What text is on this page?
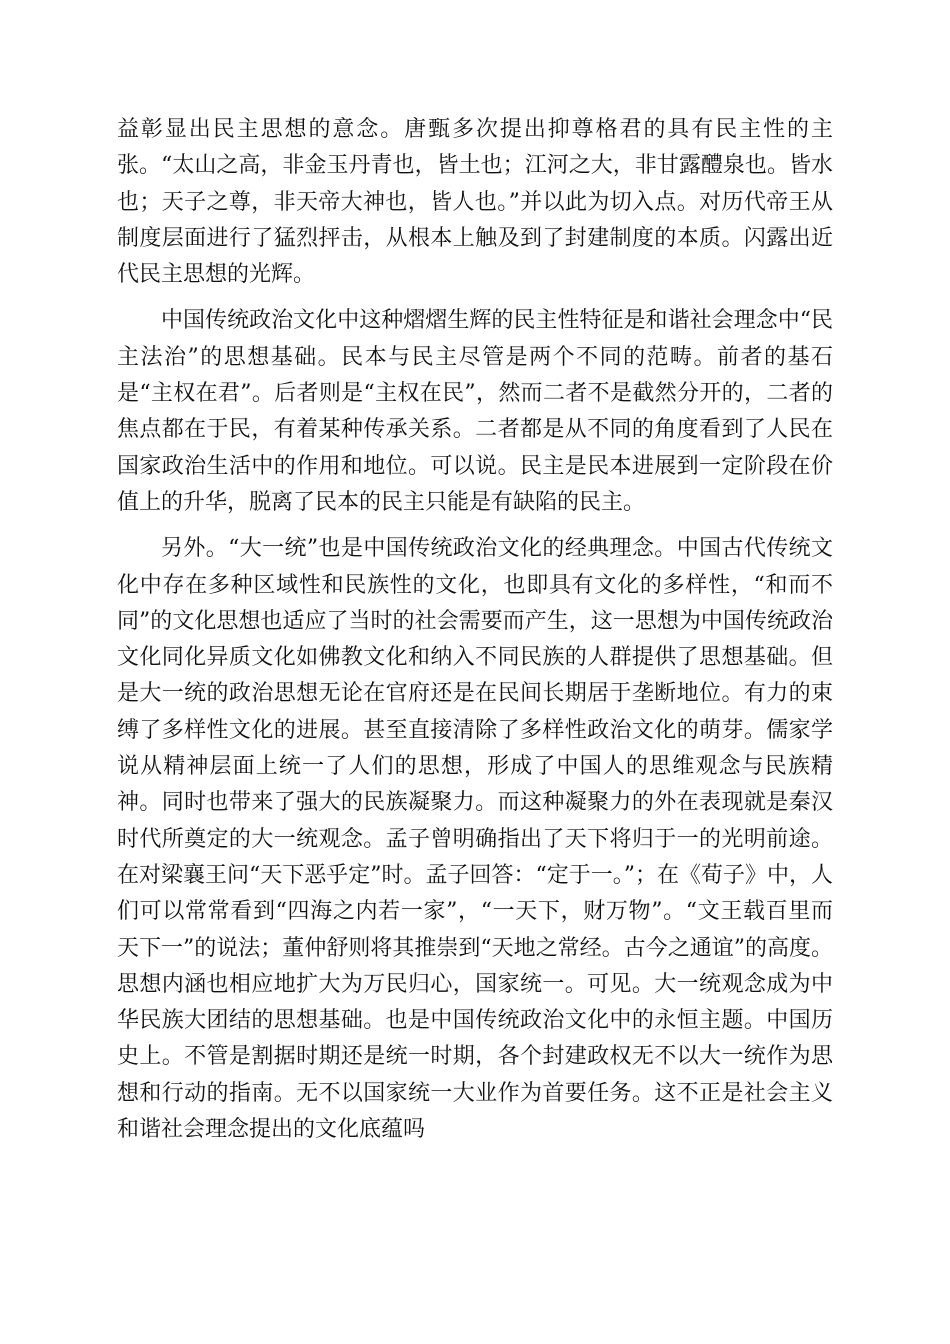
益彰显出民主思想的意念。唐甄多次提出抑尊格君的具有民主性的主张。“太山之高，非金玉丹青也，皆土也；江河之大，非甘露醴泉也。皆水也；天子之尊，非天帝大神也，皆人也。”并以此为切入点。对历代帝王从制度层面进行了猛烈抨击，从根本上触及到了封建制度的本质。闪露出近代民主思想的光辉。

中国传统政治文化中这种熠熠生辉的民主性特征是和谐社会理念中“民主法治”的思想基础。民本与民主尽管是两个不同的范畴。前者的基石是“主权在君”。后者则是“主权在民”，然而二者不是截然分开的，二者的焦点都在于民，有着某种传承关系。二者都是从不同的角度看到了人民在国家政治生活中的作用和地位。可以说。民主是民本进展到一定阶段在价值上的升华，脱离了民本的民主只能是有缺陷的民主。

另外。“大一统”也是中国传统政治文化的经典理念。中国古代传统文化中存在多种区域性和民族性的文化，也即具有文化的多样性，“和而不同”的文化思想也适应了当时的社会需要而产生，这一思想为中国传统政治文化同化异质文化如佛教文化和纳入不同民族的人群提供了思想基础。但是大一统的政治思想无论在官府还是在民间长期居于垄断地位。有力的束缚了多样性文化的进展。甚至直接清除了多样性政治文化的萌芽。儒家学说从精神层面上统一了人们的思想，形成了中国人的思维观念与民族精神。同时也带来了强大的民族凝聚力。而这种凝聚力的外在表现就是秦汉时代所奠定的大一统观念。孟子曾明确指出了天下将归于一的光明前途。在对梁襄王问“天下恶乎定”时。孟子回答：“定于一。”；在《荀子》中，人们可以常常看到“四海之内若一家”，“一天下，财万物”。“文王载百里而天下一”的说法；董仲舒则将其推崇到“天地之常经。古今之通谊”的高度。思想内涵也相应地扩大为万民归心，国家统一。可见。大一统观念成为中华民族大团结的思想基础。也是中国传统政治文化中的永恒主题。中国历史上。不管是割据时期还是统一时期，各个封建政权无不以大一统作为思想和行动的指南。无不以国家统一大业作为首要任务。这不正是社会主义和谐社会理念提出的文化底蕴吗
